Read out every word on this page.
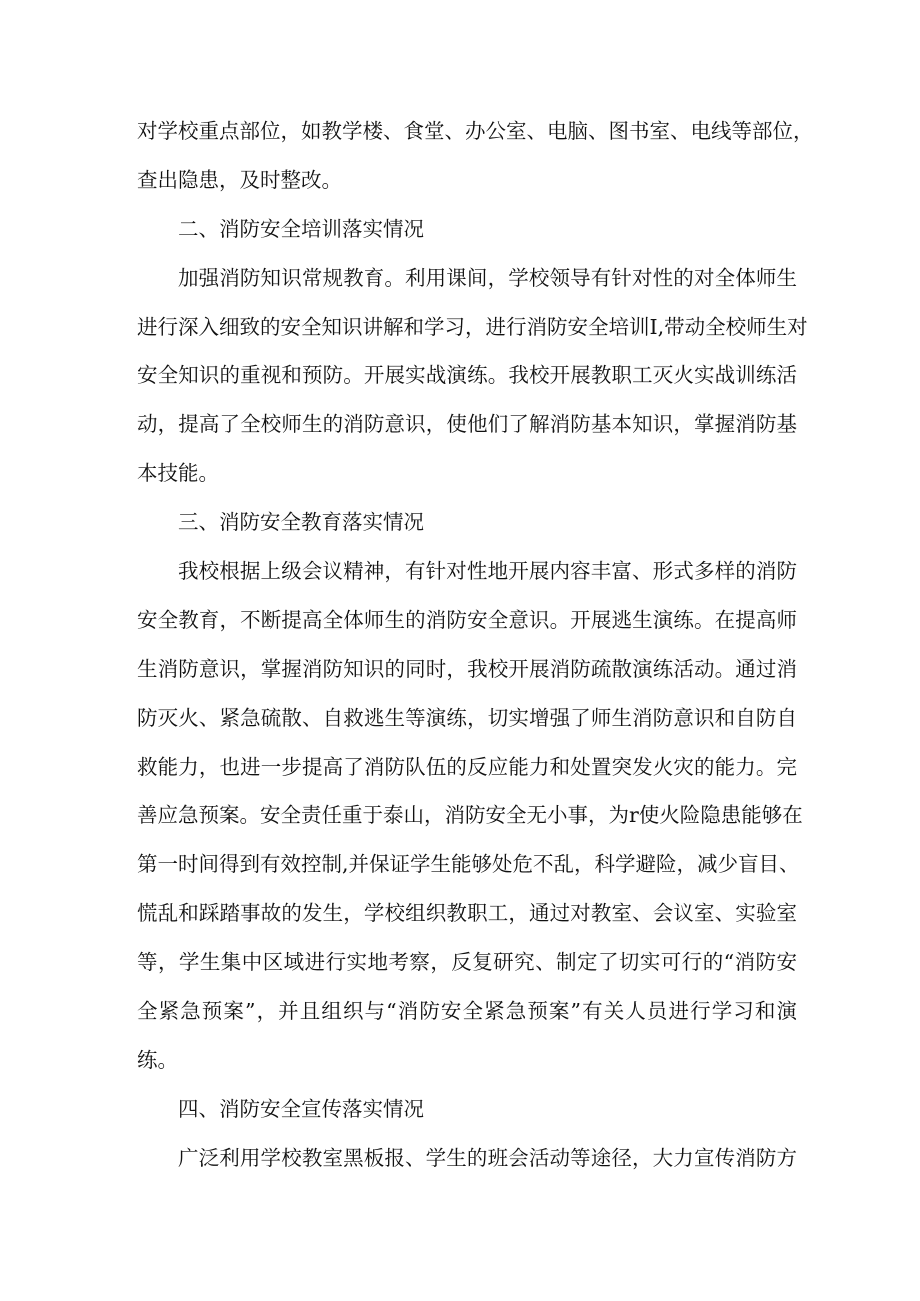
对学校重点部位，如教学楼、食堂、办公室、电脑、图书室、电线等部位，
查出隐患，及时整改。
二、消防安全培训落实情况
加强消防知识常规教育。利用课间，学校领导有针对性的对全体师生
进行深入细致的安全知识讲解和学习，进行消防安全培训I,带动全校师生对
安全知识的重视和预防。开展实战演练。我校开展教职工灭火实战训练活
动，提高了全校师生的消防意识，使他们了解消防基本知识，掌握消防基
本技能。
三、消防安全教育落实情况
我校根据上级会议精神，有针对性地开展内容丰富、形式多样的消防
安全教育，不断提高全体师生的消防安全意识。开展逃生演练。在提高师
生消防意识，掌握消防知识的同时，我校开展消防疏散演练活动。通过消
防灭火、紧急硫散、自救逃生等演练，切实增强了师生消防意识和自防自
救能力，也进一步提高了消防队伍的反应能力和处置突发火灾的能力。完
善应急预案。安全责任重于泰山，消防安全无小事，为r使火险隐患能够在
第一时间得到有效控制,并保证学生能够处危不乱，科学避险，减少盲目、
慌乱和踩踏事故的发生，学校组织教职工，通过对教室、会议室、实验室
等，学生集中区域进行实地考察，反复研究、制定了切实可行的“消防安
全紧急预案”，并且组织与“消防安全紧急预案”有关人员进行学习和演
练。
四、消防安全宣传落实情况
广泛利用学校教室黑板报、学生的班会活动等途径，大力宣传消防方
